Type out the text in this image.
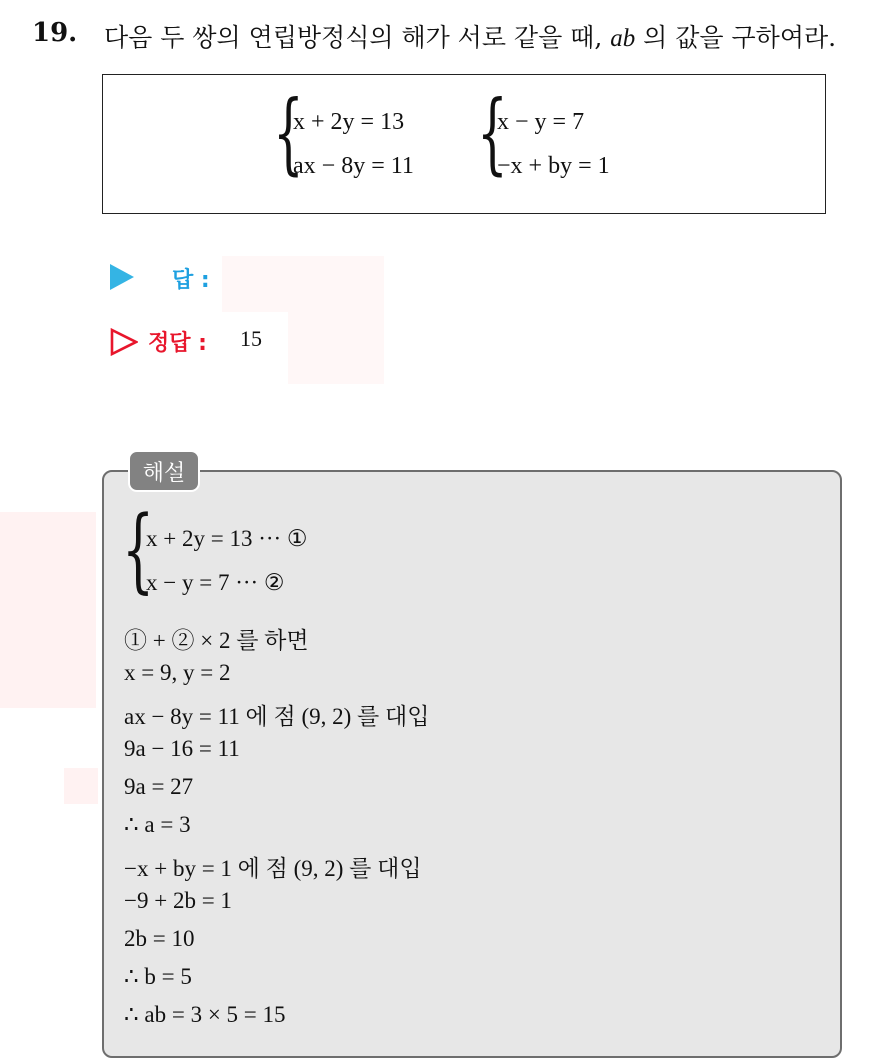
19. 다음 두 쌍의 연립방정식의 해가 서로 같을 때, ab 의 값을 구하여라.
{
x + 2y = 13
ax − 8y = 11 {
x − y = 7
−x + by = 1
답 :
정답 : 15
해설
{
x + 2y = 13 ··· ①
x − y = 7 ··· ②
① + ② × 2 를 하면
x = 9, y = 2
ax − 8y = 11 에 점 (9, 2) 를 대입
9a − 16 = 11
9a = 27
∴ a = 3
−x + by = 1 에 점 (9, 2) 를 대입
−9 + 2b = 1
2b = 10
∴ b = 5
∴ ab = 3 × 5 = 15
